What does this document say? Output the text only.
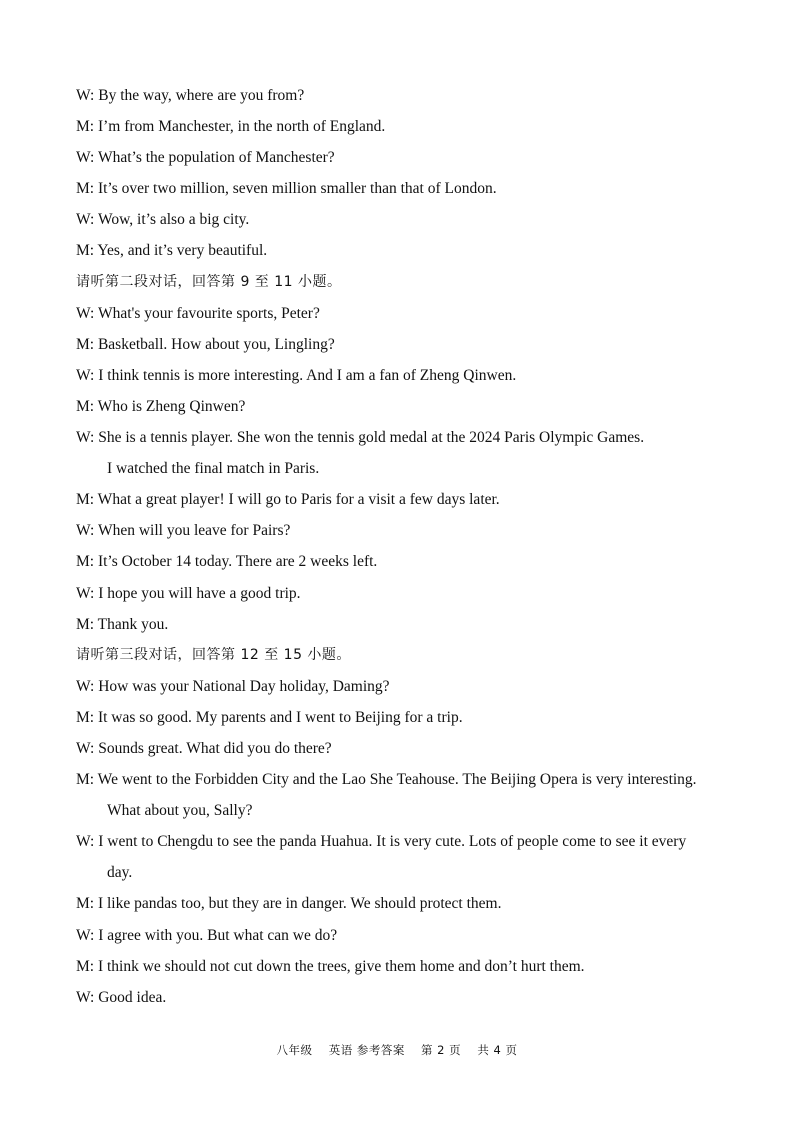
W: By the way, where are you from?
M: I’m from Manchester, in the north of England.
W: What’s the population of Manchester?
M: It’s over two million, seven million smaller than that of London.
W: Wow, it’s also a big city.
M: Yes, and it’s very beautiful.
请听第二段对话，回答第 9 至 11 小题。
W: What's your favourite sports, Peter?
M: Basketball. How about you, Lingling?
W: I think tennis is more interesting. And I am a fan of Zheng Qinwen.
M: Who is Zheng Qinwen?
W: She is a tennis player. She won the tennis gold medal at the 2024 Paris Olympic Games.
I watched the final match in Paris.
M: What a great player! I will go to Paris for a visit a few days later.
W: When will you leave for Pairs?
M: It’s October 14 today. There are 2 weeks left.
W: I hope you will have a good trip.
M: Thank you.
请听第三段对话，回答第 12 至 15 小题。
W: How was your National Day holiday, Daming?
M: It was so good. My parents and I went to Beijing for a trip.
W: Sounds great. What did you do there?
M: We went to the Forbidden City and the Lao She Teahouse. The Beijing Opera is very interesting.
What about you, Sally?
W: I went to Chengdu to see the panda Huahua. It is very cute. Lots of people come to see it every
day.
M: I like pandas too, but they are in danger. We should protect them.
W: I agree with you. But what can we do?
M: I think we should not cut down the trees, give them home and don’t hurt them.
W: Good idea.
八年级 英语 参考答案 第 2 页 共 4 页
